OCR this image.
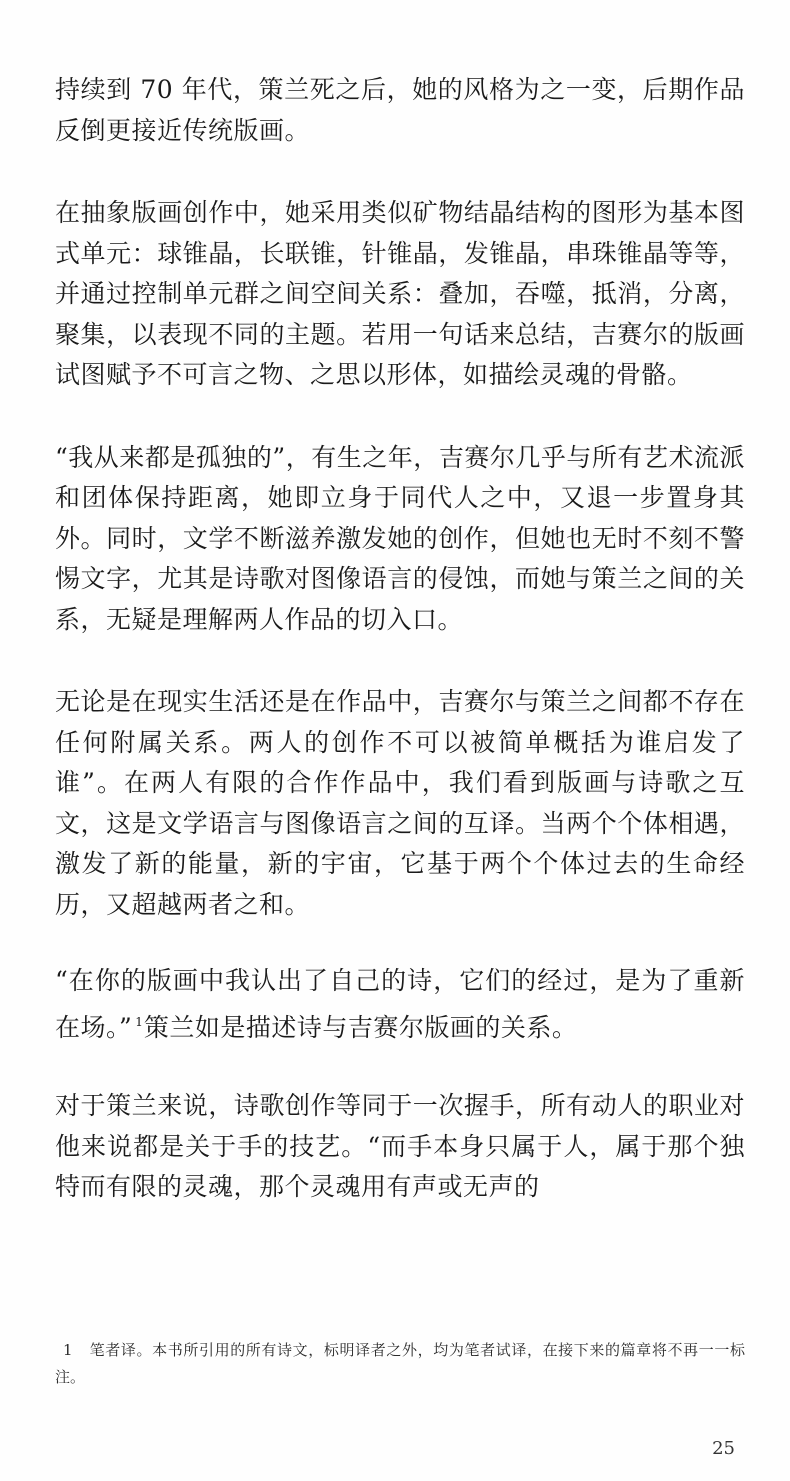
持续到 70 年代，策兰死之后，她的风格为之一变，后期作品反倒更接近传统版画。

在抽象版画创作中，她采用类似矿物结晶结构的图形为基本图式单元：球锥晶，长联锥，针锥晶，发锥晶，串珠锥晶等等，并通过控制单元群之间空间关系：叠加，吞噬，抵消，分离，聚集，以表现不同的主题。若用一句话来总结，吉赛尔的版画试图赋予不可言之物、之思以形体，如描绘灵魂的骨骼。

“我从来都是孤独的”，有生之年，吉赛尔几乎与所有艺术流派和团体保持距离，她即立身于同代人之中，又退一步置身其外。同时，文学不断滋养激发她的创作，但她也无时不刻不警惕文字，尤其是诗歌对图像语言的侵蚀，而她与策兰之间的关系，无疑是理解两人作品的切入口。

无论是在现实生活还是在作品中，吉赛尔与策兰之间都不存在任何附属关系。两人的创作不可以被简单概括为谁启发了谁”。在两人有限的合作作品中，我们看到版画与诗歌之互文，这是文学语言与图像语言之间的互译。当两个个体相遇，激发了新的能量，新的宇宙，它基于两个个体过去的生命经历，又超越两者之和。

“在你的版画中我认出了自己的诗，它们的经过，是为了重新在场。” $^1$策兰如是描述诗与吉赛尔版画的关系。

对于策兰来说，诗歌创作等同于一次握手，所有动人的职业对他来说都是关于手的技艺。“而手本身只属于人，属于那个独特而有限的灵魂，那个灵魂用有声或无声的

1 笔者译。本书所引用的所有诗文，标明译者之外，均为笔者试译，在接下来的篇章将不再一一标注。
25
